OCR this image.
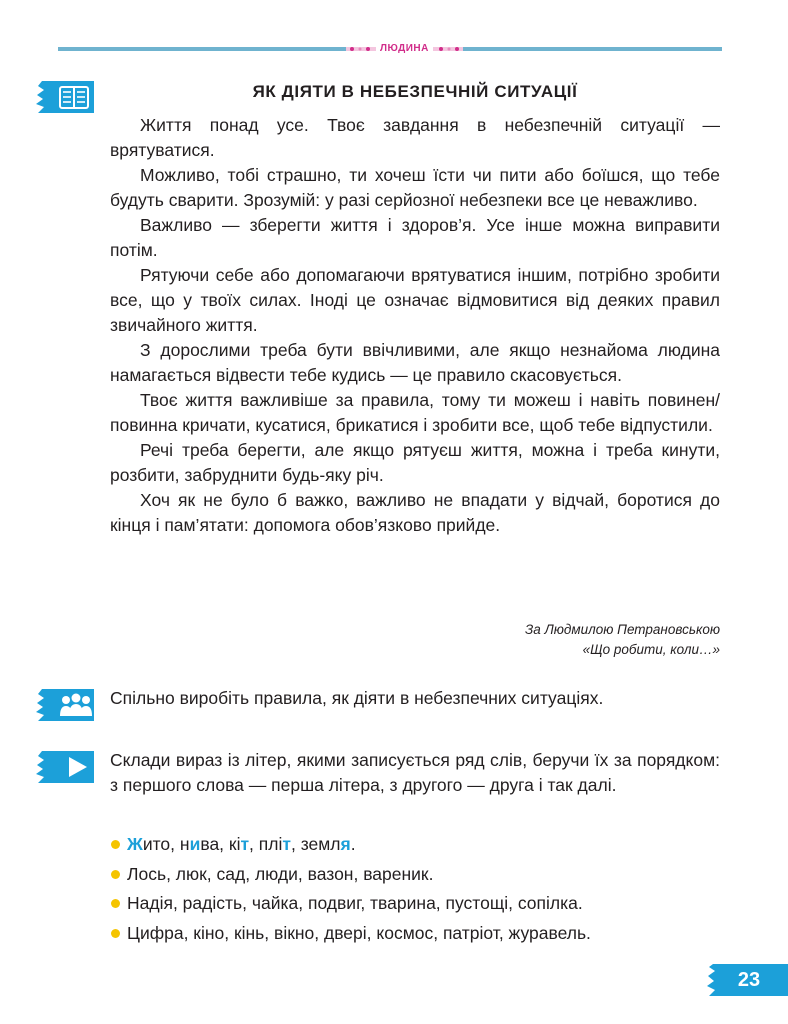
ЛЮДИНА
ЯК ДІЯТИ В НЕБЕЗПЕЧНІЙ СИТУАЦІЇ

Життя понад усе. Твоє завдання в небезпечній ситуації — врятуватися.

Можливо, тобі страшно, ти хочеш їсти чи пити або боїшся, що тебе будуть сварити. Зрозумій: у разі серйозної небезпеки все це неважливо.

Важливо — зберегти життя і здоров’я. Усе інше можна виправити потім.

Рятуючи себе або допомагаючи врятуватися іншим, потрібно зробити все, що у твоїх силах. Іноді це означає відмовитися від деяких правил звичайного життя.

З дорослими треба бути ввічливими, але якщо незнайома людина намагається відвести тебе кудись — це правило скасовується.

Твоє життя важливіше за правила, тому ти можеш і навіть повинен/повинна кричати, кусатися, брикатися і зробити все, щоб тебе відпустили.

Речі треба берегти, але якщо рятуєш життя, можна і треба кинути, розбити, забруднити будь-яку річ.

Хоч як не було б важко, важливо не впадати у відчай, боротися до кінця і пам’ятати: допомога обов’язково прийде.

За Людмилою Петрановською
«Що робити, коли…»
Спільно виробіть правила, як діяти в небезпечних ситуаціях.
Склади вираз із літер, якими записується ряд слів, беручи їх за порядком: з першого слова — перша літера, з другого — друга і так далі.
Жито, нива, кіт, пліт, земля.
Лось, люк, сад, люди, вазон, вареник.
Надія, радість, чайка, подвиг, тварина, пустощі, сопілка.
Цифра, кіно, кінь, вікно, двері, космос, патріот, журавель.
23
